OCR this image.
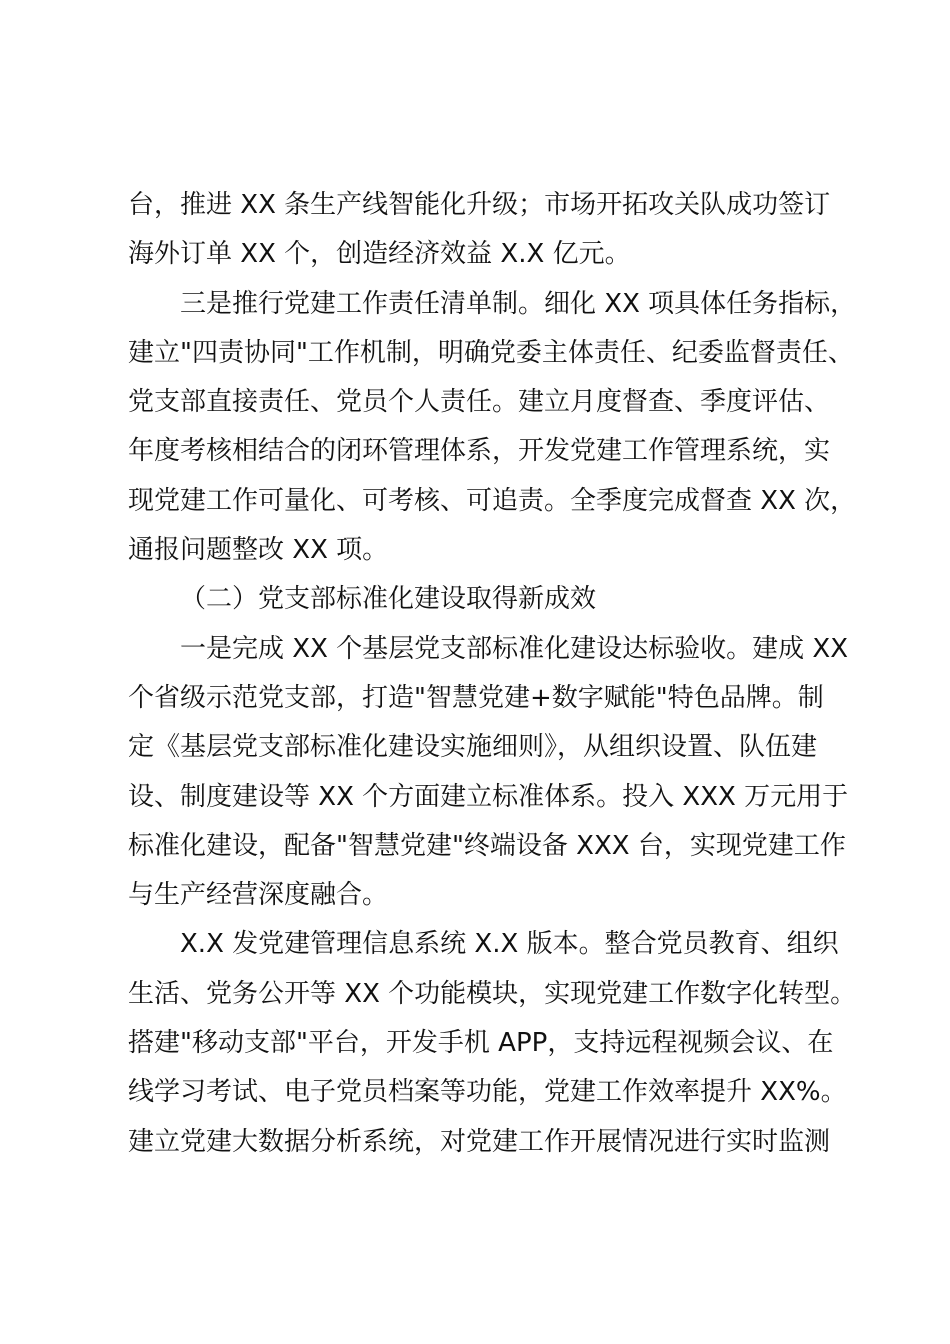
台，推进 XX 条生产线智能化升级；市场开拓攻关队成功签订
海外订单 XX 个，创造经济效益 X.X 亿元。
三是推行党建工作责任清单制。细化 XX 项具体任务指标，
建立"四责协同"工作机制，明确党委主体责任、纪委监督责任、
党支部直接责任、党员个人责任。建立月度督查、季度评估、
年度考核相结合的闭环管理体系，开发党建工作管理系统，实
现党建工作可量化、可考核、可追责。全季度完成督查 XX 次，
通报问题整改 XX 项。
（二）党支部标准化建设取得新成效
一是完成 XX 个基层党支部标准化建设达标验收。建成 XX
个省级示范党支部，打造"智慧党建+数字赋能"特色品牌。制
定《基层党支部标准化建设实施细则》，从组织设置、队伍建
设、制度建设等 XX 个方面建立标准体系。投入 XXX 万元用于
标准化建设，配备"智慧党建"终端设备 XXX 台，实现党建工作
与生产经营深度融合。
X.X 发党建管理信息系统 X.X 版本。整合党员教育、组织
生活、党务公开等 XX 个功能模块，实现党建工作数字化转型。
搭建"移动支部"平台，开发手机 APP，支持远程视频会议、在
线学习考试、电子党员档案等功能，党建工作效率提升 XX%。
建立党建大数据分析系统，对党建工作开展情况进行实时监测
